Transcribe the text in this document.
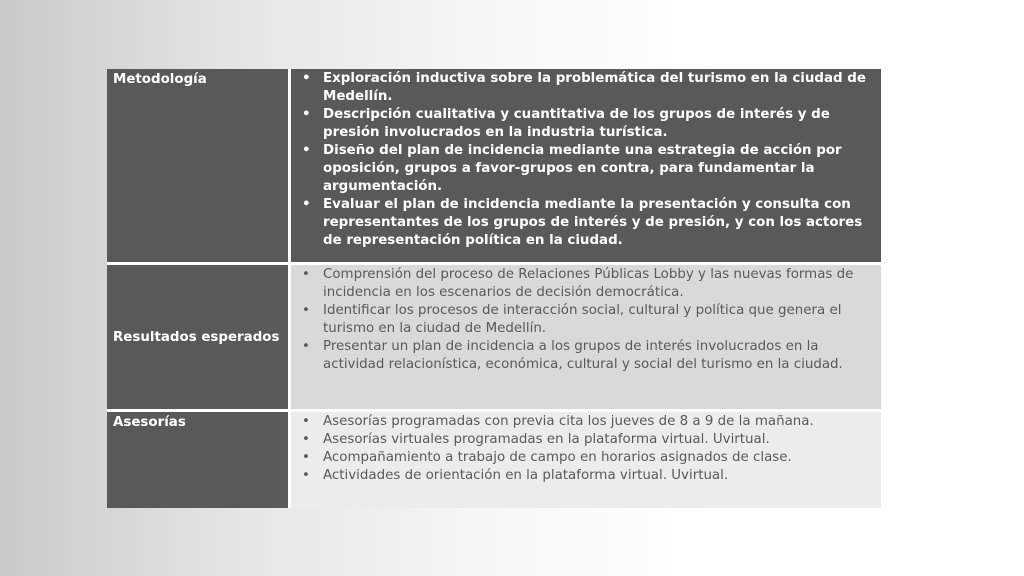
Metodología	• Exploración inductiva sobre la problemática del turismo en la ciudad de Medellín.
• Descripción cualitativa y cuantitativa de los grupos de interés y de presión involucrados en la industria turística.
• Diseño del plan de incidencia mediante una estrategia de acción por oposición, grupos a favor-grupos en contra, para fundamentar la argumentación.
• Evaluar el plan de incidencia mediante la presentación y consulta con representantes de los grupos de interés y de presión, y con los actores de representación política en la ciudad.
Resultados esperados
• Comprensión del proceso de Relaciones Públicas Lobby y las nuevas formas de incidencia en los escenarios de decisión democrática.
• Identificar los procesos de interacción social, cultural y política que genera el turismo en la ciudad de Medellín.
• Presentar un plan de incidencia a los grupos de interés involucrados en la actividad relacionística, económica, cultural y social del turismo en la ciudad.
Asesorías	• Asesorías programadas con previa cita los jueves de 8 a 9 de la mañana.
• Asesorías virtuales programadas en la plataforma virtual. Uvirtual.
• Acompañamiento a trabajo de campo en horarios asignados de clase.
• Actividades de orientación en la plataforma virtual. Uvirtual.
